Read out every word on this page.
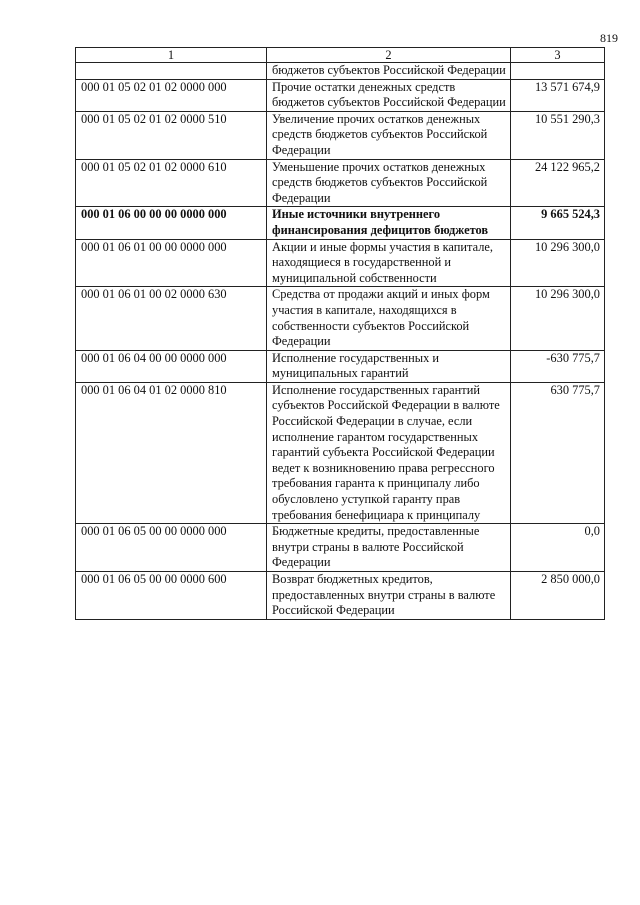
819
1	2	3
	бюджетов субъектов Российской Федерации	
000 01 05 02 01 02 0000 000	Прочие остатки денежных средств бюджетов субъектов Российской Федерации	13 571 674,9
000 01 05 02 01 02 0000 510	Увеличение прочих остатков денежных средств бюджетов субъектов Российской Федерации	10 551 290,3
000 01 05 02 01 02 0000 610	Уменьшение прочих остатков денежных средств бюджетов субъектов Российской Федерации	24 122 965,2
000 01 06 00 00 00 0000 000	Иные источники внутреннего финансирования дефицитов бюджетов	9 665 524,3
000 01 06 01 00 00 0000 000	Акции и иные формы участия в капитале, находящиеся в государственной и муниципальной собственности	10 296 300,0
000 01 06 01 00 02 0000 630	Средства от продажи акций и иных форм участия в капитале, находящихся в собственности субъектов Российской Федерации	10 296 300,0
000 01 06 04 00 00 0000 000	Исполнение государственных и муниципальных гарантий	-630 775,7
000 01 06 04 01 02 0000 810	Исполнение государственных гарантий субъектов Российской Федерации в валюте Российской Федерации в случае, если исполнение гарантом государственных гарантий субъекта Российской Федерации ведет к возникновению права регрессного требования гаранта к принципалу либо обусловлено уступкой гаранту прав требования бенефициара к принципалу	630 775,7
000 01 06 05 00 00 0000 000	Бюджетные кредиты, предоставленные внутри страны в валюте Российской Федерации	0,0
000 01 06 05 00 00 0000 600	Возврат бюджетных кредитов, предоставленных внутри страны в валюте Российской Федерации	2 850 000,0
